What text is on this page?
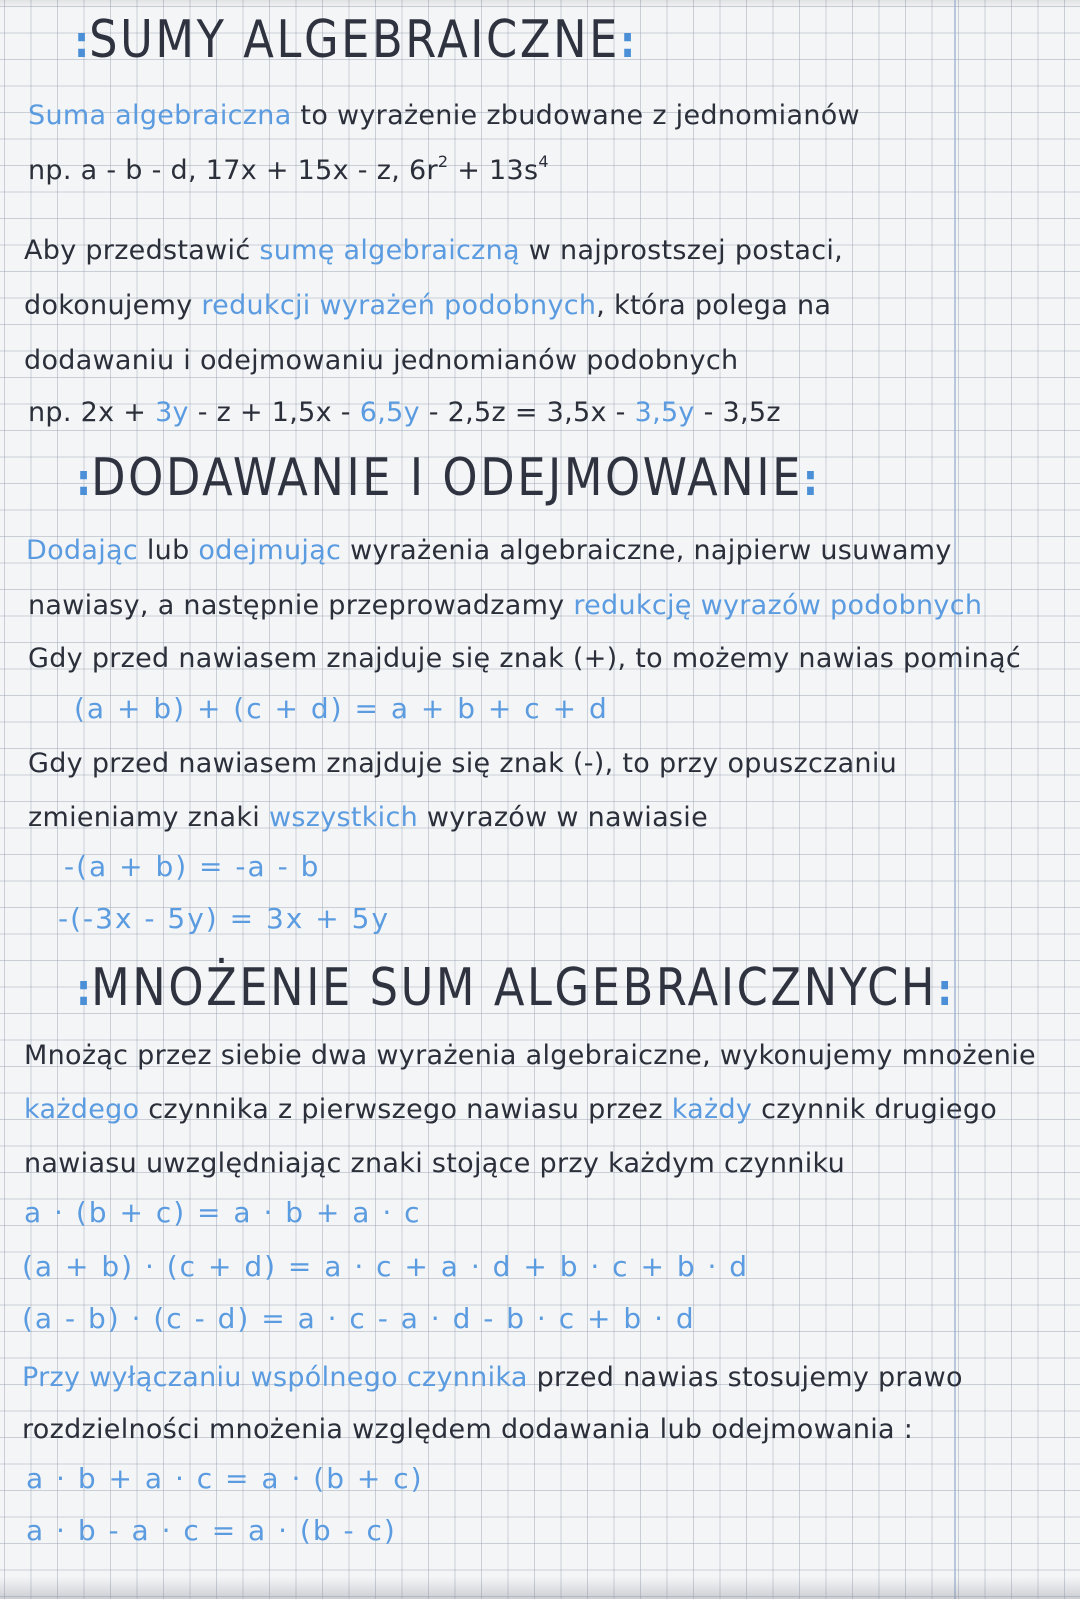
:SUMY ALGEBRAICZNE:
Suma algebraiczna to wyrażenie zbudowane z jednomianów
np. a - b - d, 17x + 15x - z, $6r^2 + 13s^4$
Aby przedstawić sumę algebraiczną w najprostszej postaci,
dokonujemy redukcji wyrażeń podobnych, która polega na
dodawaniu i odejmowaniu jednomianów podobnych
np. 2x + 3y - z + 1,5x - 6,5y - 2,5z = 3,5x - 3,5y - 3,5z
:DODAWANIE I ODEJMOWANIE:
Dodając lub odejmując wyrażenia algebraiczne, najpierw usuwamy
nawiasy, a następnie przeprowadzamy redukcję wyrazów podobnych
Gdy przed nawiasem znajduje się znak (+), to możemy nawias pominąć
(a + b) + (c + d) = a + b + c + d
Gdy przed nawiasem znajduje się znak (-), to przy opuszczaniu
zmieniamy znaki wszystkich wyrazów w nawiasie
-(a + b) = -a - b
-(-3x - 5y) = 3x + 5y
:MNOŻENIE SUM ALGEBRAICZNYCH:
Mnożąc przez siebie dwa wyrażenia algebraiczne, wykonujemy mnożenie
każdego czynnika z pierwszego nawiasu przez każdy czynnik drugiego
nawiasu uwzględniając znaki stojące przy każdym czynniku
a · (b + c) = a · b + a · c
(a + b) · (c + d) = a · c + a · d + b · c + b · d
(a - b) · (c - d) = a · c - a · d - b · c + b · d
Przy wyłączaniu wspólnego czynnika przed nawias stosujemy prawo
rozdzielności mnożenia względem dodawania lub odejmowania :
a · b + a · c = a · (b + c)
a · b - a · c = a · (b - c)
